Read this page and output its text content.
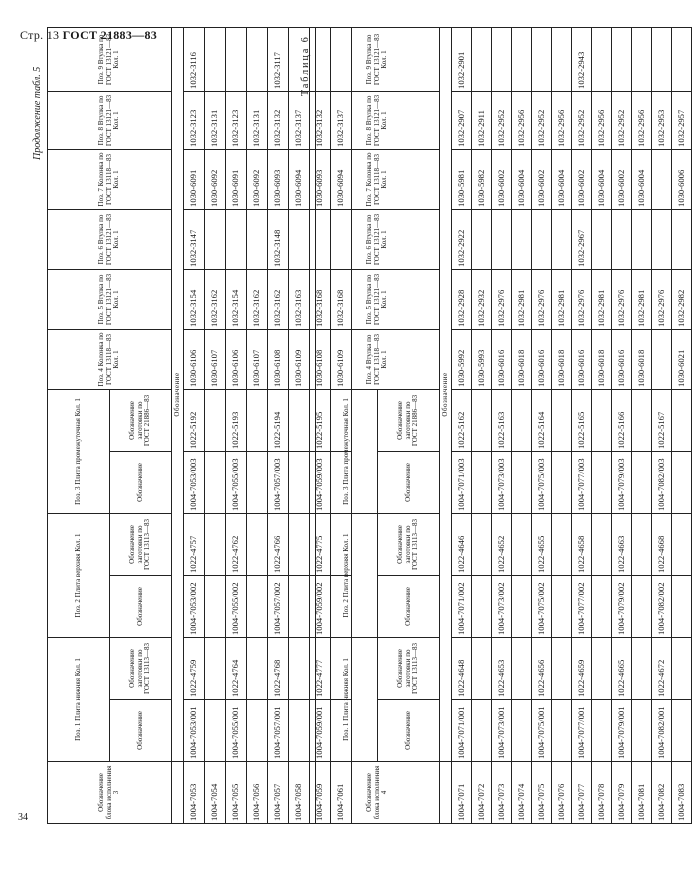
Стр. 13 ГОСТ 21883—83
Продолжение табл. 5
Обозначение блока исполнения 3	Поз. 1 Плита нижняя Кол. 1		Поз. 2 Плита верхняя Кол. 1		Поз. 3 Плита промежуточная Кол. 1		Поз. 4 Колонка по ГОСТ 13118—83 Кол. 1	Поз. 5 Втулка по ГОСТ 13121—83 Кол. 1	Поз. 6 Втулка по ГОСТ 13121—83 Кол. 1	Поз. 7 Колонка по ГОСТ 13118—83 Кол. 1	Поз. 8 Втулка по ГОСТ 13121—83 Кол. 1	Поз. 9 Втулка по ГОСТ 13121—83 Кол. 1
	Обозначение	Обозначение заготовки по ГОСТ 13113—83	Обозначение	Обозначение заготовки по ГОСТ 13113—83	Обозначение	Обозначение заготовки по ГОСТ 21886—83						
	Обозначение											
1004-7053	1004-7053/001	1022-4759	1004-7053/002	1022-4757	1004-7053/003	1022-5192	1030-6106	1032-3154	1032-3147	1030-6091	1032-3123	1032-3116
1004-7054							1030-6107	1032-3162		1030-6092	1032-3131	
1004-7055	1004-7055/001	1022-4764	1004-7055/002	1022-4762	1004-7055/003	1022-5193	1030-6106	1032-3154		1030-6091	1032-3123	
1004-7056							1030-6107	1032-3162		1030-6092	1032-3131	
1004-7057	1004-7057/001	1022-4768	1004-7057/002	1022-4766	1004-7057/003	1022-5194	1030-6108	1032-3162	1032-3148	1030-6093	1032-3132	1032-3117
1004-7058							1030-6109	1032-3163		1030-6094	1032-3137	
1004-7059	1004-7059/001	1022-4777	1004-7059/002	1022-4775	1004-7059/003	1022-5195	1030-6108	1032-3168		1030-6093	1032-3132	
1004-7061							1030-6109	1032-3168		1030-6094	1032-3137	
Таблица 6
Обозначение блока исполнения 4	Поз. 1 Плита нижняя Кол. 1		Поз. 2 Плита верхняя Кол. 1		Поз. 3 Плита промежуточная Кол. 1		Поз. 4 Втулка по ГОСТ 13118—83 Кол. 1	Поз. 5 Втулка по ГОСТ 13121—83 Кол. 1	Поз. 6 Втулка по ГОСТ 13121—83 Кол. 1	Поз. 7 Колонка по ГОСТ 13118—83 Кол. 1	Поз. 8 Втулка по ГОСТ 13121—83 Кол. 1	Поз. 9 Втулка по ГОСТ 13121—83 Кол. 1
	Обозначение	Обозначение заготовки по ГОСТ 13113—83	Обозначение	Обозначение заготовки по ГОСТ 13113—83	Обозначение	Обозначение заготовки по ГОСТ 21886—83						
	Обозначение											
1004-7071	1004-7071/001	1022-4648	1004-7071/002	1022-4646	1004-7071/003	1022-5162	1030-5992	1032-2928	1032-2922	1030-5981	1032-2907	1032-2901
1004-7072							1030-5993	1032-2932		1030-5982	1032-2911	
1004-7073	1004-7073/001	1022-4653	1004-7073/002	1022-4652	1004-7073/003	1022-5163	1030-6016	1032-2976		1030-6002	1032-2952	
1004-7074							1030-6018	1032-2981		1030-6004	1032-2956	
1004-7075	1004-7075/001	1022-4656	1004-7075/002	1022-4655	1004-7075/003	1022-5164	1030-6016	1032-2976		1030-6002	1032-2952	
1004-7076							1030-6018	1032-2981		1030-6004	1032-2956	
1004-7077	1004-7077/001	1022-4659	1004-7077/002	1022-4658	1004-7077/003	1022-5165	1030-6016	1032-2976	1032-2967	1030-6002	1032-2952	1032-2943
1004-7078							1030-6018	1032-2981		1030-6004	1032-2956	
1004-7079	1004-7079/001	1022-4665	1004-7079/002	1022-4663	1004-7079/003	1022-5166	1030-6016	1032-2976		1030-6002	1032-2952	
1004-7081							1030-6018	1032-2981		1030-6004	1032-2956	
1004-7082	1004-7082/001	1022-4672	1004-7082/002	1022-4668	1004-7082/003	1022-5167		1032-2976			1032-2953	
1004-7083							1030-6021	1032-2982		1030-6006	1032-2957	
34
